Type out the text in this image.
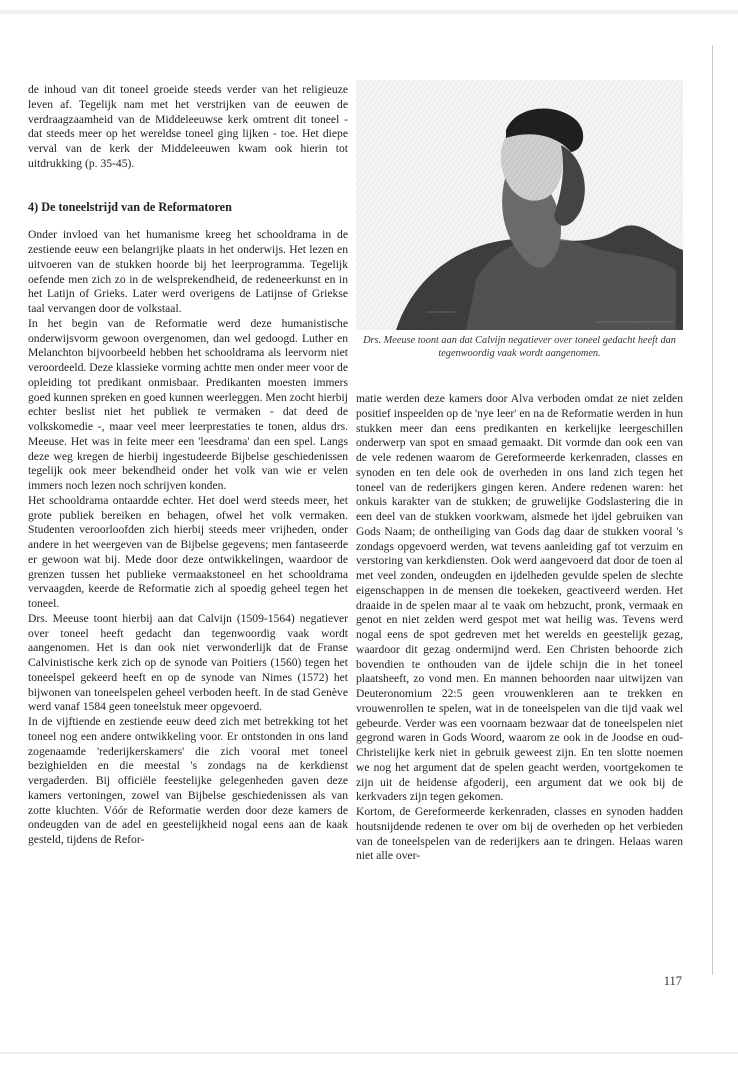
de inhoud van dit toneel groeide steeds verder van het religieuze leven af. Tegelijk nam met het verstrijken van de eeuwen de verdraagzaamheid van de Middeleeuwse kerk omtrent dit toneel - dat steeds meer op het wereldse toneel ging lijken - toe. Het diepe verval van de kerk der Middeleeuwen kwam ook hierin tot uitdrukking (p. 35-45).

4) De toneelstrijd van de Reformatoren

Onder invloed van het humanisme kreeg het schooldrama in de zestiende eeuw een belangrijke plaats in het onderwijs. Het lezen en uitvoeren van de stukken hoorde bij het leerprogramma. Tegelijk oefende men zich zo in de welsprekendheid, de redeneerkunst en in het Latijn of Grieks. Later werd overigens de Latijnse of Griekse taal vervangen door de volkstaal.

In het begin van de Reformatie werd deze humanistische onderwijsvorm gewoon overgenomen, dan wel gedoogd. Luther en Melanchton bijvoorbeeld hebben het schooldrama als leervorm niet veroordeeld. Deze klassieke vorming achtte men onder meer voor de opleiding tot predikant onmisbaar. Predikanten moesten immers goed kunnen spreken en goed kunnen weerleggen. Men zocht hierbij echter beslist niet het publiek te vermaken - dat deed de volkskomedie -, maar veel meer leerprestaties te tonen, aldus drs. Meeuse. Het was in feite meer een 'leesdrama' dan een spel. Langs deze weg kregen de hierbij ingestudeerde Bijbelse geschiedenissen tegelijk ook meer bekendheid onder het volk van wie er velen immers noch lezen noch schrijven konden.

Het schooldrama ontaardde echter. Het doel werd steeds meer, het grote publiek bereiken en behagen, ofwel het volk vermaken. Studenten veroorloofden zich hierbij steeds meer vrijheden, onder andere in het weergeven van de Bijbelse gegevens; men fantaseerde er gewoon wat bij. Mede door deze ontwikkelingen, waardoor de grenzen tussen het publieke vermaakstoneel en het schooldrama vervaagden, keerde de Reformatie zich al spoedig geheel tegen het toneel.

Drs. Meeuse toont hierbij aan dat Calvijn (1509-1564) negatiever over toneel heeft gedacht dan tegenwoordig vaak wordt aangenomen. Het is dan ook niet verwonderlijk dat de Franse Calvinistische kerk zich op de synode van Poitiers (1560) tegen het toneelspel gekeerd heeft en op de synode van Nimes (1572) het bijwonen van toneelspelen geheel verboden heeft. In de stad Genève werd vanaf 1584 geen toneelstuk meer opgevoerd.

In de vijftiende en zestiende eeuw deed zich met betrekking tot het toneel nog een andere ontwikkeling voor. Er ontstonden in ons land zogenaamde 'rederijkerskamers' die zich vooral met toneel bezighielden en die meestal 's zondags na de kerkdienst vergaderden. Bij officiële feestelijke gelegenheden gaven deze kamers vertoningen, zowel van Bijbelse geschiedenissen als van zotte kluchten. Vóór de Reformatie werden door deze kamers de ondeugden van de adel en geestelijkheid nogal eens aan de kaak gesteld, tijdens de Refor-

Drs. Meeuse toont aan dat Calvijn negatiever over toneel gedacht heeft dan tegenwoordig vaak wordt aangenomen.

matie werden deze kamers door Alva verboden omdat ze niet zelden positief inspeelden op de 'nye leer' en na de Reformatie werden in hun stukken meer dan eens predikanten en kerkelijke leergeschillen onderwerp van spot en smaad gemaakt. Dit vormde dan ook een van de vele redenen waarom de Gereformeerde kerkenraden, classes en synoden en ten dele ook de overheden in ons land zich tegen het toneel van de rederijkers gingen keren. Andere redenen waren: het onkuis karakter van de stukken; de gruwelijke Godslastering die in een deel van de stukken voorkwam, alsmede het ijdel gebruiken van Gods Naam; de ontheiliging van Gods dag daar de stukken vooral 's zondags opgevoerd werden, wat tevens aanleiding gaf tot verzuim en verstoring van kerkdiensten. Ook werd aangevoerd dat door de toen al met veel zonden, ondeugden en ijdelheden gevulde spelen de slechte eigenschappen in de mensen die toekeken, geactiveerd werden. Het draaide in de spelen maar al te vaak om hebzucht, pronk, vermaak en genot en niet zelden werd gespot met wat heilig was. Tevens werd nogal eens de spot gedreven met het werelds en geestelijk gezag, waardoor dit gezag ondermijnd werd. Een Christen behoorde zich bovendien te onthouden van de ijdele schijn die in het toneel plaatsheeft, zo vond men. En mannen behoorden naar uitwijzen van Deuteronomium 22:5 geen vrouwenkleren aan te trekken en vrouwenrollen te spelen, wat in de toneelspelen van die tijd vaak wel gebeurde. Verder was een voornaam bezwaar dat de toneelspelen niet gegrond waren in Gods Woord, waarom ze ook in de Joodse en oud-Christelijke kerk niet in gebruik geweest zijn. En ten slotte noemen we nog het argument dat de spelen geacht werden, voortgekomen te zijn uit de heidense afgoderij, een argument dat we ook bij de kerkvaders zijn tegen gekomen.

Kortom, de Gereformeerde kerkenraden, classes en synoden hadden houtsnijdende redenen te over om bij de overheden op het verbieden van de toneelspelen van de rederijkers aan te dringen. Helaas waren niet alle over-

117
